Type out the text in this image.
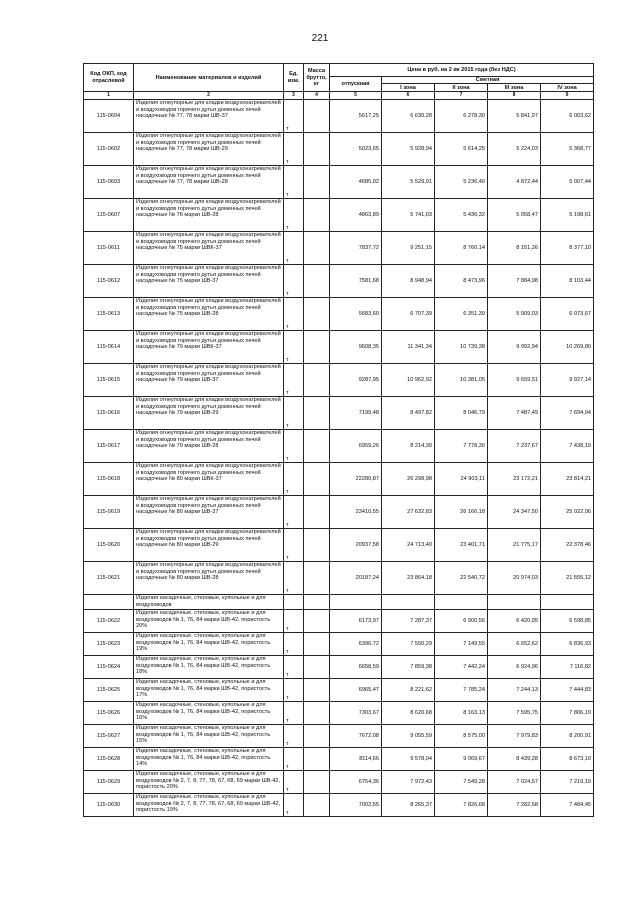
221
Код ОКП, код отраслевой	Наименование материалов и изделий	Ед. изм.	Масса брутто, кг	Цена в руб. на 2 кв 2015 года (без НДС)				
				отпускная	Сметная			
					I зона	II зона	III зона	IV зона
1	2	3	4	5	6	7	8	9
115-0604	Изделия огнеупорные для кладки воздухонагревателей и воздуховодов горячего дутья доменных печей насадочные № 77, 78 марки ШВ-37	т		5617,25	6 630,28	6 278,30	5 841,97	6 003,62
115-0602	Изделия огнеупорные для кладки воздухонагревателей и воздуховодов горячего дутья доменных печей насадочные № 77, 78 марки ШВ-29	т		5023,65	5 928,94	5 614,25	5 224,03	5 368,77
115-0603	Изделия огнеупорные для кладки воздухонагревателей и воздуховодов горячего дутья доменных печей насадочные № 77, 78 марки ШВ-28	т		4685,02	5 529,91	5 236,40	4 872,44	5 007,44
115-0607	Изделия огнеупорные для кладки воздухонагревателей и воздуховодов горячего дутья доменных печей насадочные № 76 марки ШВ-28	т		4863,89	5 741,03	5 436,32	5 058,47	5 198,61
115-0611	Изделия огнеупорные для кладки воздухонагревателей и воздуховодов горячего дутья доменных печей насадочные № 75 марки ШВК-37	т		7837,72	9 251,15	8 760,14	8 151,26	8 377,10
115-0612	Изделия огнеупорные для кладки воздухонагревателей и воздуховодов горячего дутья доменных печей насадочные № 75 марки ШВ-37	т		7581,68	8 948,94	8 473,96	7 884,98	8 103,44
115-0613	Изделия огнеупорные для кладки воздухонагревателей и воздуховодов горячего дутья доменных печей насадочные № 75 марки ШВ-28	т		5683,60	6 707,39	6 351,39	5 909,03	6 073,67
115-0614	Изделия огнеупорные для кладки воздухонагревателей и воздуховодов горячего дутья доменных печей насадочные № 79 марки ШВК-37	т		9608,35	11 341,34	10 739,38	9 992,94	10 269,80
115-0615	Изделия огнеупорные для кладки воздухонагревателей и воздуховодов горячего дутья доменных печей насадочные № 79 марки ШВ-37	т		9287,95	10 962,92	10 381,05	9 659,51	9 927,14
115-0616	Изделия огнеупорные для кладки воздухонагревателей и воздуховодов горячего дутья доменных печей насадочные № 79 марки ШВ-29	т		7199,48	8 497,82	8 046,79	7 487,49	7 694,94
115-0617	Изделия огнеупорные для кладки воздухонагревателей и воздуховодов горячего дутья доменных печей насадочные № 79 марки ШВ-28	т		6959,26	8 214,30	7 778,30	7 237,67	7 438,19
115-0618	Изделия огнеупорные для кладки воздухонагревателей и воздуховодов горячего дутья доменных печей насадочные № 80 марки ШВК-37	т		22280,87	26 298,98	24 903,11	23 172,21	23 814,21
115-0619	Изделия огнеупорные для кладки воздухонагревателей и воздуховодов горячего дутья доменных печей насадочные № 80 марки ШВ-37	т		23410,55	27 632,83	26 166,18	24 347,50	25 022,06
115-0620	Изделия огнеупорные для кладки воздухонагревателей и воздуховодов горячего дутья доменных печей насадочные № 80 марки ШВ-29	т		20937,58	24 713,40	23 401,71	21 775,17	22 378,46
115-0621	Изделия огнеупорные для кладки воздухонагревателей и воздуховодов горячего дутья доменных печей насадочные № 80 марки ШВ-28	т		20187,24	23 864,18	22 540,72	20 974,03	21 555,12
	Изделия насадочные, стеновые, купольные и для воздуховодов							
115-0622	Изделия насадочные, стеновые, купольные и для воздуховодов № 1, 76, 84 марки ШВ-42, пористость 20%	т		6173,97	7 287,37	6 900,56	6 420,95	6 598,85
115-0623	Изделия насадочные, стеновые, купольные и для воздуховодов № 1, 76, 84 марки ШВ-42, пористость 19%	т		6396,72	7 550,29	7 149,55	6 652,62	6 836,93
115-0624	Изделия насадочные, стеновые, купольные и для воздуховодов № 1, 76, 84 марки ШВ-42, пористость 18%	т		6658,59	7 859,38	7 442,24	6 924,96	7 116,82
115-0625	Изделия насадочные, стеновые, купольные и для воздуховодов № 1, 76, 84 марки ШВ-42, пористость 17%	т		6965,47	8 221,62	7 785,24	7 244,13	7 444,83
115-0626	Изделия насадочные, стеновые, купольные и для воздуховодов № 1, 76, 84 марки ШВ-42, пористость 16%	т		7303,67	8 620,68	8 163,13	7 595,75	7 806,19
115-0627	Изделия насадочные, стеновые, купольные и для воздуховодов № 1, 76, 84 марки ШВ-42, пористость 15%	т		7672,08	9 055,59	8 575,00	7 979,83	8 200,91
115-0628	Изделия насадочные, стеновые, купольные и для воздуховодов № 1, 76, 84 марки ШВ-42, пористость 14%	т		8114,66	9 578,04	9 069,67	8 439,28	8 673,10
115-0629	Изделия насадочные, стеновые, купольные и для воздуховодов № 2, 7, 8, 77, 78, 67, 68, 69 марки ШВ-42, пористость 20%	т		6754,36	7 972,43	7 549,28	7 024,57	7 219,19
115-0630	Изделия насадочные, стеновые, купольные и для воздуховодов № 2, 7, 8, 77, 78, 67, 68, 69 марки ШВ-42, пористость 19%	т		7002,55	8 265,37	7 826,68	7 282,68	7 484,45
